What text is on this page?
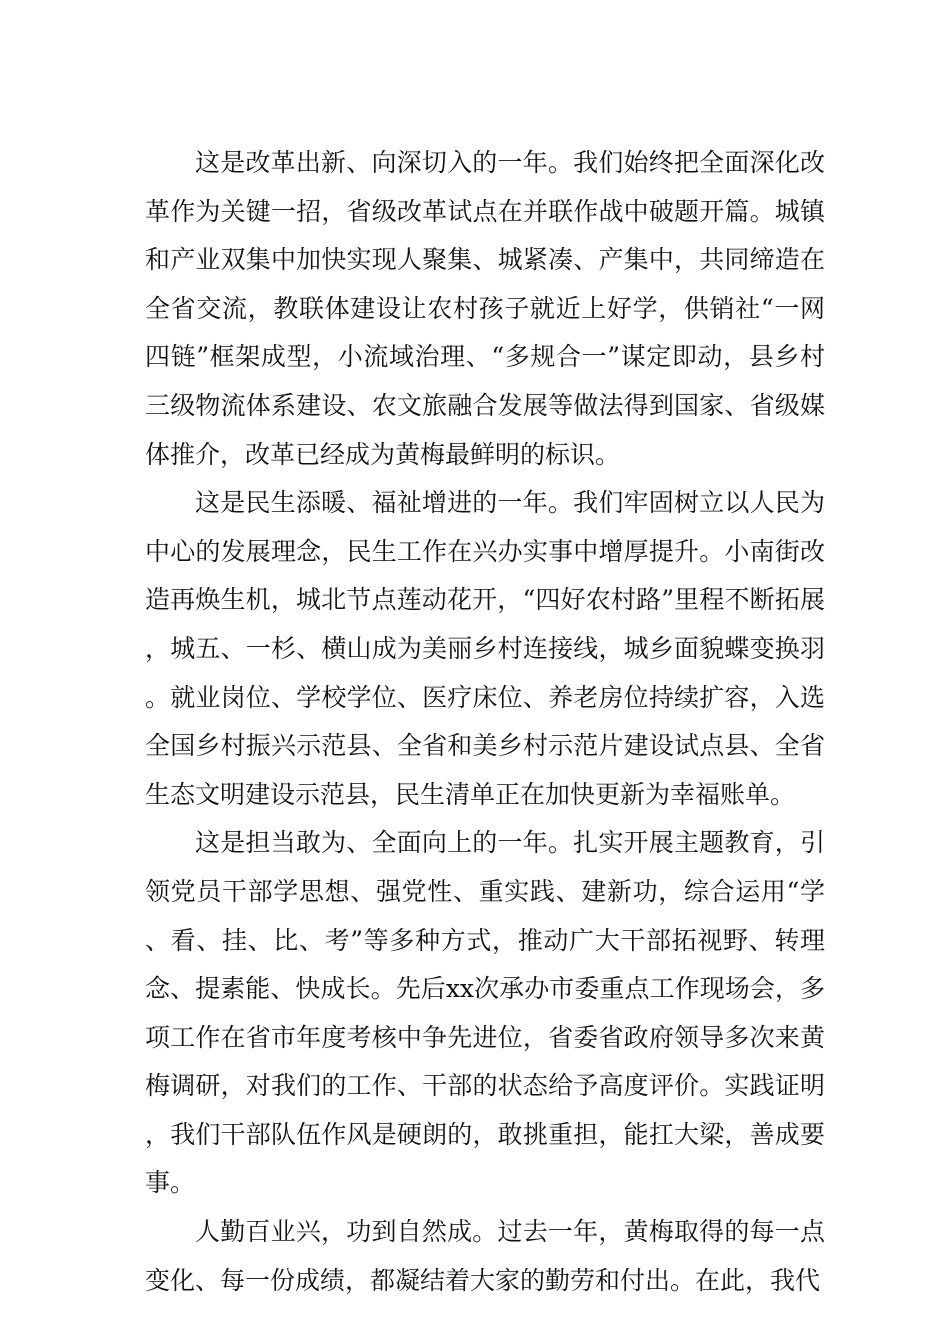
这是改革出新、向深切入的一年。我们始终把全面深化改革作为关键一招，省级改革试点在并联作战中破题开篇。城镇和产业双集中加快实现人聚集、城紧凑、产集中，共同缔造在全省交流，教联体建设让农村孩子就近上好学，供销社“一网四链”框架成型，小流域治理、“多规合一”谋定即动，县乡村三级物流体系建设、农文旅融合发展等做法得到国家、省级媒体推介，改革已经成为黄梅最鲜明的标识。

这是民生添暖、福祉增进的一年。我们牢固树立以人民为中心的发展理念，民生工作在兴办实事中增厚提升。小南街改造再焕生机，城北节点莲动花开，“四好农村路”里程不断拓展，城五、一杉、横山成为美丽乡村连接线，城乡面貌蝶变换羽。就业岗位、学校学位、医疗床位、养老房位持续扩容，入选全国乡村振兴示范县、全省和美乡村示范片建设试点县、全省生态文明建设示范县，民生清单正在加快更新为幸福账单。

这是担当敢为、全面向上的一年。扎实开展主题教育，引领党员干部学思想、强党性、重实践、建新功，综合运用“学、看、挂、比、考”等多种方式，推动广大干部拓视野、转理念、提素能、快成长。先后xx次承办市委重点工作现场会，多项工作在省市年度考核中争先进位，省委省政府领导多次来黄梅调研，对我们的工作、干部的状态给予高度评价。实践证明，我们干部队伍作风是硬朗的，敢挑重担，能扛大梁，善成要事。

人勤百业兴，功到自然成。过去一年，黄梅取得的每一点变化、每一份成绩，都凝结着大家的勤劳和付出。在此，我代
